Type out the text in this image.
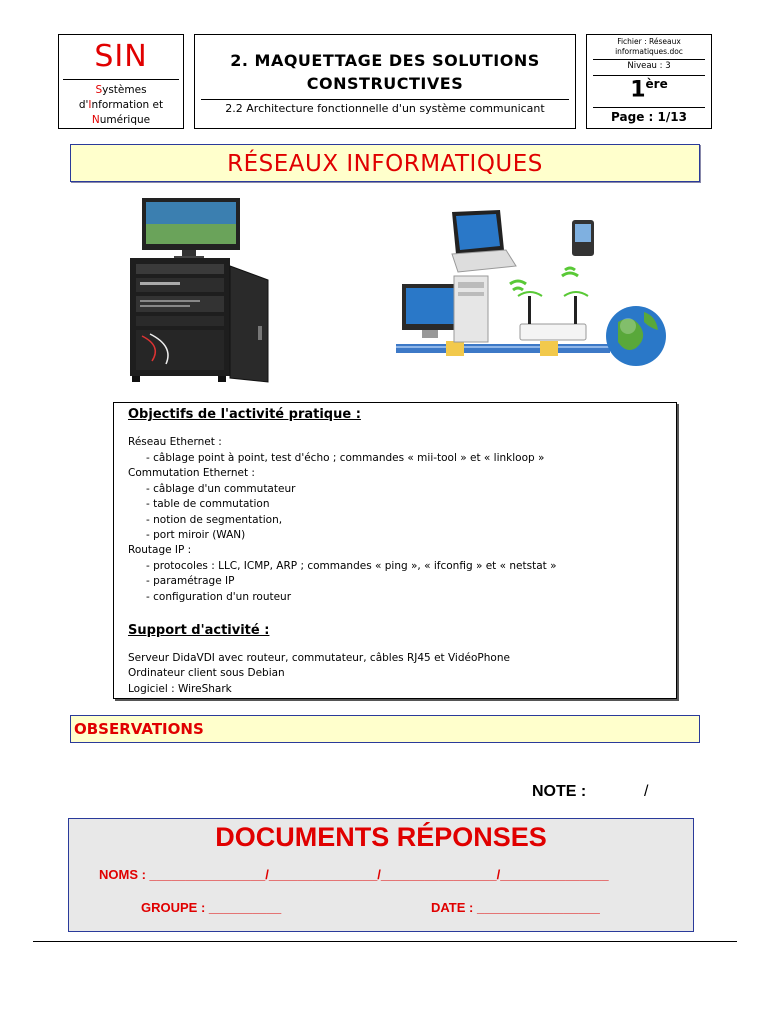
SIN
Systèmes
d'Information et
Numérique
2. MAQUETTAGE DES SOLUTIONS
CONSTRUCTIVES
2.2 Architecture fonctionnelle d'un système communicant
Fichier : Réseaux
informatiques.doc
Niveau : 3
1ère
Page : 1/13
RÉSEAUX INFORMATIQUES
Objectifs de l'activité pratique :
Réseau Ethernet :
- câblage point à point, test d'écho ; commandes « mii-tool » et « linkloop »
Commutation Ethernet :
- câblage d'un commutateur
- table de commutation
- notion de segmentation,
- port miroir (WAN)
Routage IP :
- protocoles : LLC, ICMP, ARP ; commandes « ping », « ifconfig » et « netstat »
- paramétrage IP
- configuration d'un routeur
Support d'activité :
Serveur DidaVDI avec routeur, commutateur, câbles RJ45 et VidéoPhone
Ordinateur client sous Debian
Logiciel : WireShark
OBSERVATIONS
NOTE :	/
DOCUMENTS RÉPONSES
NOMS : ________________/_______________/________________/_______________
GROUPE : __________	DATE : _________________
